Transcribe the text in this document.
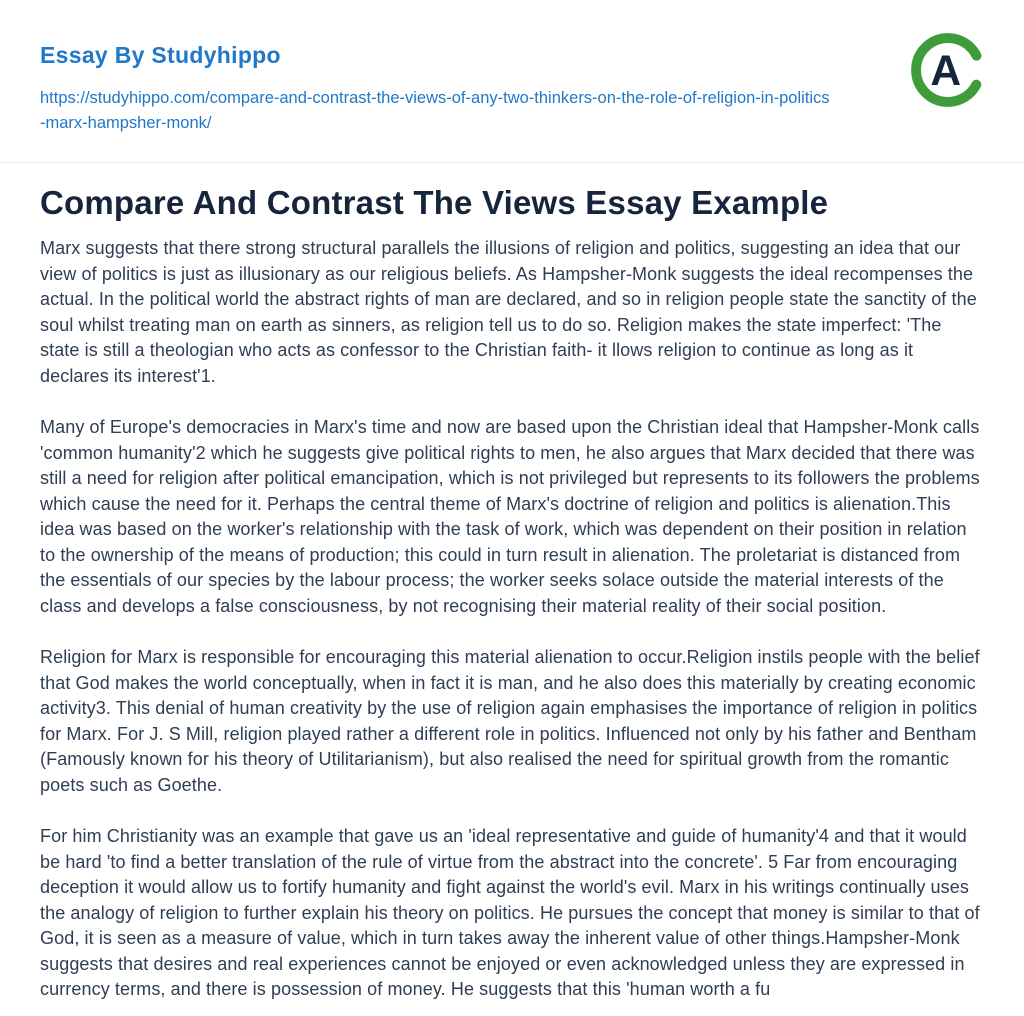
Essay By Studyhippo
https://studyhippo.com/compare-and-contrast-the-views-of-any-two-thinkers-on-the-role-of-religion-in-politics-marx-hampsher-monk/
A
Compare And Contrast The Views Essay Example

Marx suggests that there strong structural parallels the illusions of religion and politics, suggesting an idea that our view of politics is just as illusionary as our religious beliefs. As Hampsher-Monk suggests the ideal recompenses the actual. In the political world the abstract rights of man are declared, and so in religion people state the sanctity of the soul whilst treating man on earth as sinners, as religion tell us to do so. Religion makes the state imperfect: 'The state is still a theologian who acts as confessor to the Christian faith- it llows religion to continue as long as it declares its interest'1.

Many of Europe's democracies in Marx's time and now are based upon the Christian ideal that Hampsher-Monk calls 'common humanity'2 which he suggests give political rights to men, he also argues that Marx decided that there was still a need for religion after political emancipation, which is not privileged but represents to its followers the problems which cause the need for it. Perhaps the central theme of Marx's doctrine of religion and politics is alienation.This idea was based on the worker's relationship with the task of work, which was dependent on their position in relation to the ownership of the means of production; this could in turn result in alienation. The proletariat is distanced from the essentials of our species by the labour process; the worker seeks solace outside the material interests of the class and develops a false consciousness, by not recognising their material reality of their social position.

Religion for Marx is responsible for encouraging this material alienation to occur.Religion instils people with the belief that God makes the world conceptually, when in fact it is man, and he also does this materially by creating economic activity3. This denial of human creativity by the use of religion again emphasises the importance of religion in politics for Marx. For J. S Mill, religion played rather a different role in politics. Influenced not only by his father and Bentham (Famously known for his theory of Utilitarianism), but also realised the need for spiritual growth from the romantic poets such as Goethe.

For him Christianity was an example that gave us an 'ideal representative and guide of humanity'4 and that it would be hard 'to find a better translation of the rule of virtue from the abstract into the concrete'. 5 Far from encouraging deception it would allow us to fortify humanity and fight against the world's evil. Marx in his writings continually uses the analogy of religion to further explain his theory on politics. He pursues the concept that money is similar to that of God, it is seen as a measure of value, which in turn takes away the inherent value of other things.Hampsher-Monk suggests that desires and real experiences cannot be enjoyed or even acknowledged unless they are expressed in currency terms, and there is possession of money. He suggests that this 'human worth a fu
